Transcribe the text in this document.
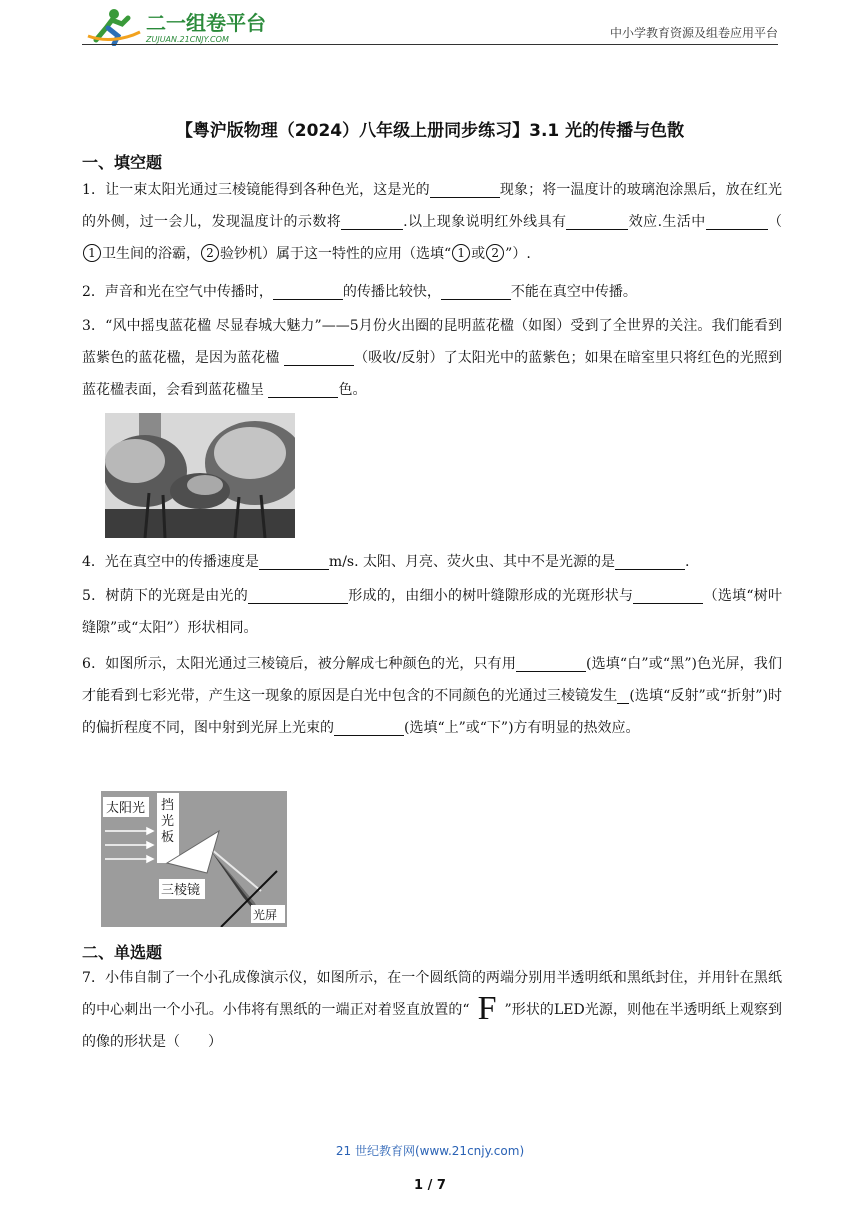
二一组卷平台
ZUJUAN.21CNJY.COM	中小学教育资源及组卷应用平台
【粤沪版物理（2024）八年级上册同步练习】3.1 光的传播与色散
一、填空题
1．让一束太阳光通过三棱镜能得到各种色光，这是光的	现象；将一温度计的玻璃泡涂黑后，放在红光的外侧，过一会儿，发现温度计的示数将	.以上现象说明红外线具有	效应.生活中	（1 卫生间的浴霸， 2 验钞机）属于这一特性的应用（选填“ 1 或 2 ”）.
2．声音和光在空气中传播时，	的传播比较快，	不能在真空中传播。
3．“风中摇曳蓝花楹 尽显春城大魅力”——5月份火出圈的昆明蓝花楹（如图）受到了全世界的关注。我们能看到蓝紫色的蓝花楹，是因为蓝花楹	（吸收/反射）了太阳光中的蓝紫色；如果在暗室里只将红色的光照到蓝花楹表面，会看到蓝花楹呈	色。
4．光在真空中的传播速度是	m/s. 太阳、月亮、荧火虫、其中不是光源的是	.
5．树荫下的光斑是由光的	形成的，由细小的树叶缝隙形成的光斑形状与	（选填“树叶缝隙”或“太阳”）形状相同。
6．如图所示，太阳光通过三棱镜后，被分解成七种颜色的光，只有用	(选填“白”或“黑”)色光屏，我们才能看到七彩光带，产生这一现象的原因是白光中包含的不同颜色的光通过三棱镜发生 (选填“反射”或“折射”)时的偏折程度不同，图中射到光屏上光束的	(选填“上”或“下”)方有明显的热效应。
太阳光 挡
光
板
三棱镜
光屏
二、单选题
7．小伟自制了一个小孔成像演示仪，如图所示，在一个圆纸筒的两端分别用半透明纸和黑纸封住，并用针在黑纸的中心刺出一个小孔。小伟将有黑纸的一端正对着竖直放置的“ F ”形状的LED光源，则他在半透明纸上观察到的像的形状是（　　）
21 世纪教育网(www.21cnjy.com)
1 / 7
